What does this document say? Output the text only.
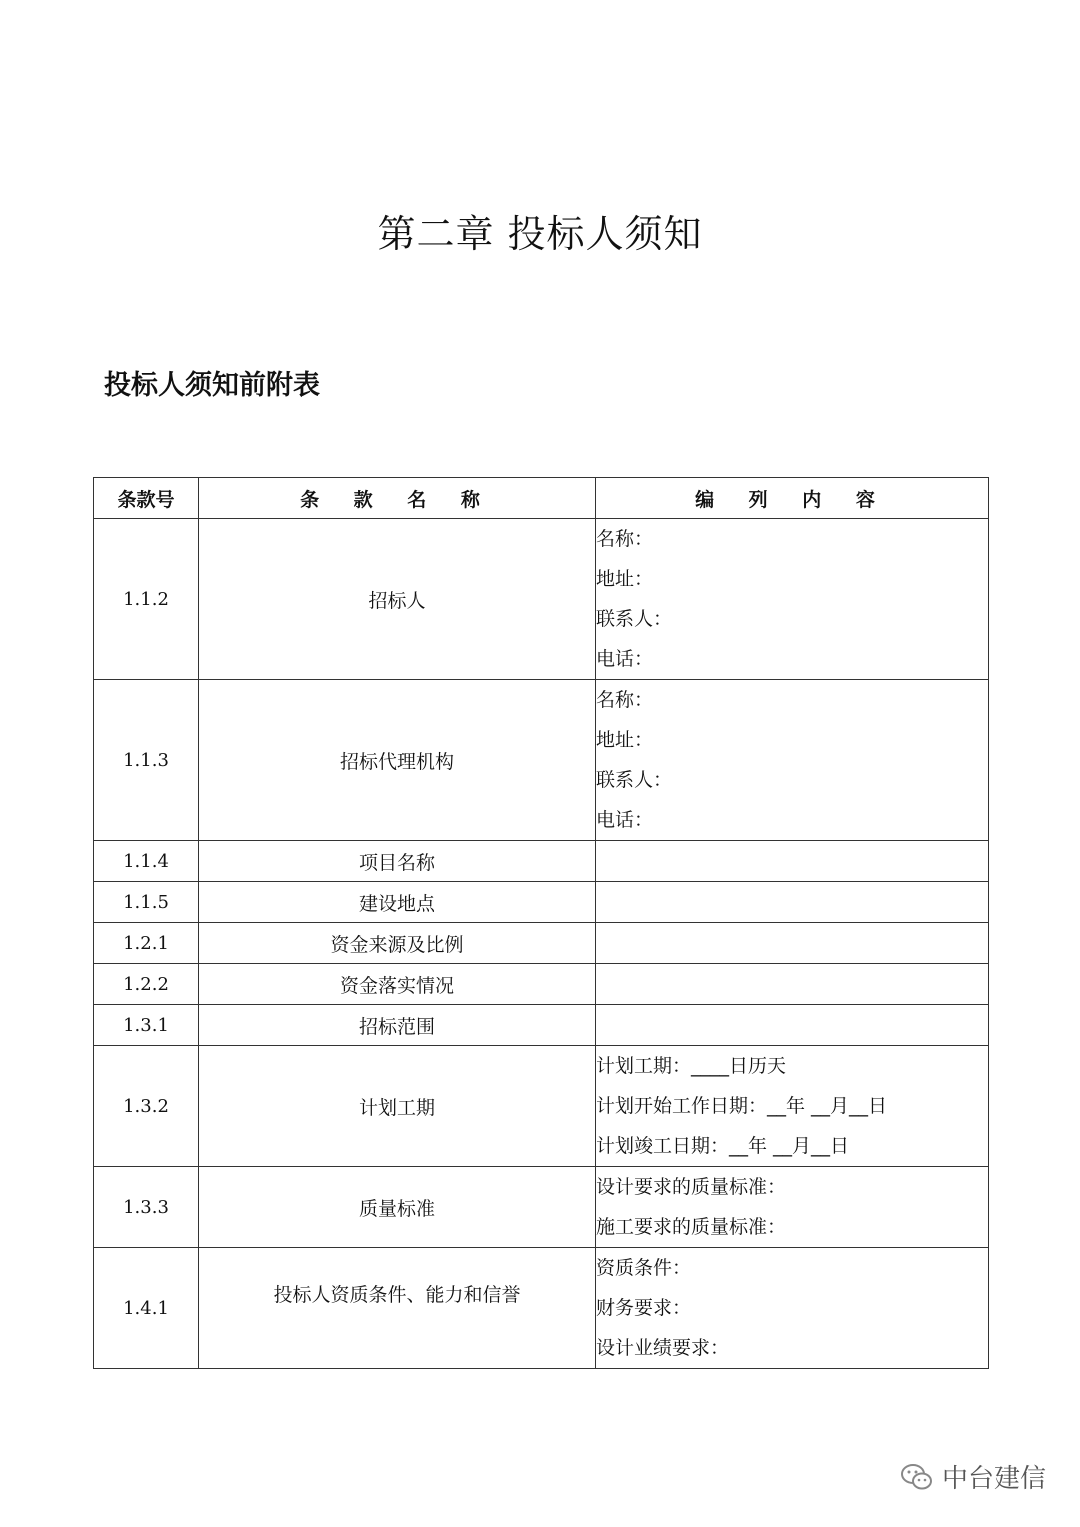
第二章 投标人须知
投标人须知前附表
条款号	条 款 名 称	编 列 内 容
1.1.2	招标人	名称：
地址：
联系人：
电话：

1.1.3	招标代理机构	名称：
地址：
联系人：
电话：

1.1.4	项目名称	
1.1.5	建设地点	
1.2.1	资金来源及比例	
1.2.2	资金落实情况	
1.3.1	招标范围	
1.3.2	计划工期	计划工期：____日历天
计划开始工作日期：__年 __月__日
计划竣工日期：__年 __月__日

1.3.3	质量标准	设计要求的质量标准：
施工要求的质量标准：

1.4.1	投标人资质条件、能力和信誉	资质条件：
财务要求：
设计业绩要求：
中台建信
